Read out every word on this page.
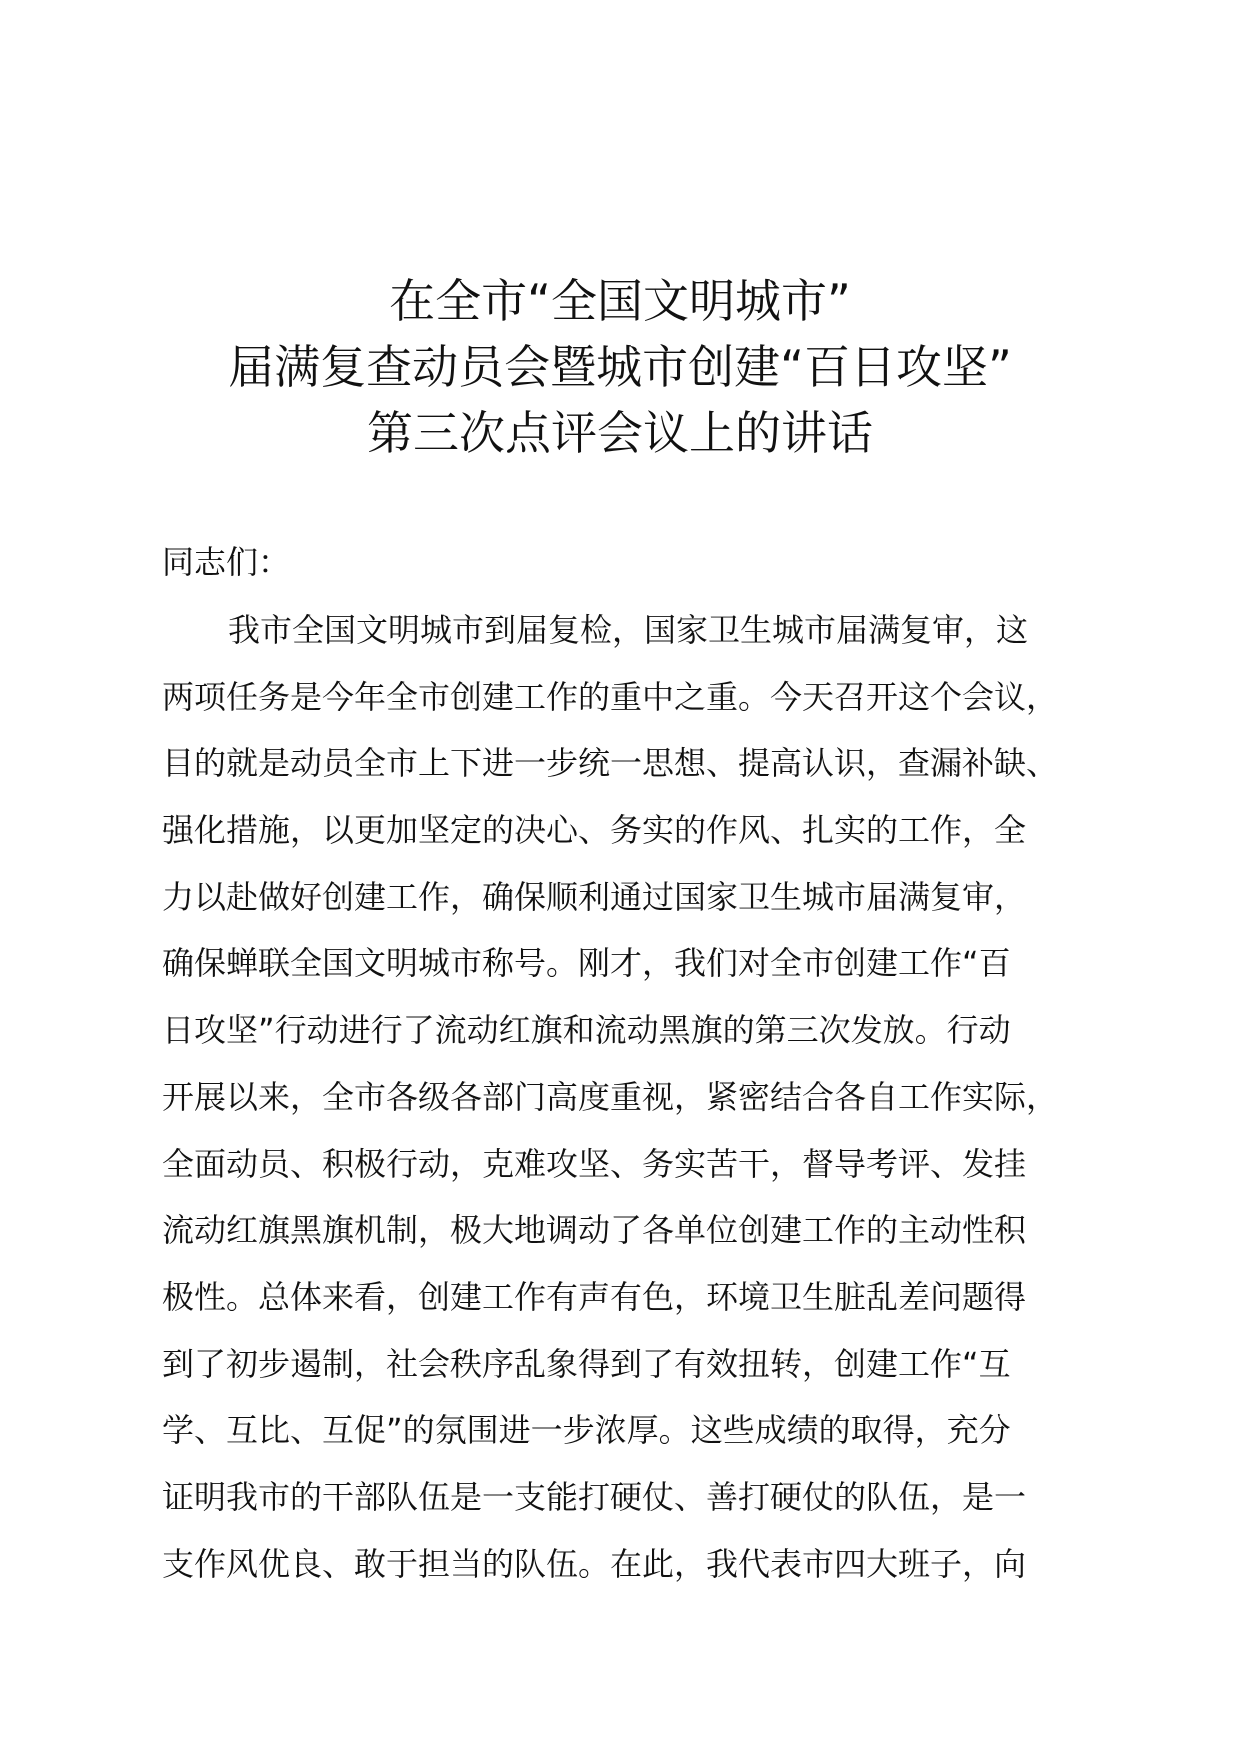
在全市“全国文明城市”
届满复查动员会暨城市创建“百日攻坚”
第三次点评会议上的讲话
同志们：
我市全国文明城市到届复检，国家卫生城市届满复审，这
两项任务是今年全市创建工作的重中之重。今天召开这个会议，
目的就是动员全市上下进一步统一思想、提高认识，查漏补缺、
强化措施，以更加坚定的决心、务实的作风、扎实的工作，全
力以赴做好创建工作，确保顺利通过国家卫生城市届满复审，
确保蝉联全国文明城市称号。刚才，我们对全市创建工作“百
日攻坚”行动进行了流动红旗和流动黑旗的第三次发放。行动
开展以来，全市各级各部门高度重视，紧密结合各自工作实际，
全面动员、积极行动，克难攻坚、务实苦干，督导考评、发挂
流动红旗黑旗机制，极大地调动了各单位创建工作的主动性积
极性。总体来看，创建工作有声有色，环境卫生脏乱差问题得
到了初步遏制，社会秩序乱象得到了有效扭转，创建工作“互
学、互比、互促”的氛围进一步浓厚。这些成绩的取得，充分
证明我市的干部队伍是一支能打硬仗、善打硬仗的队伍，是一
支作风优良、敢于担当的队伍。在此，我代表市四大班子，向
